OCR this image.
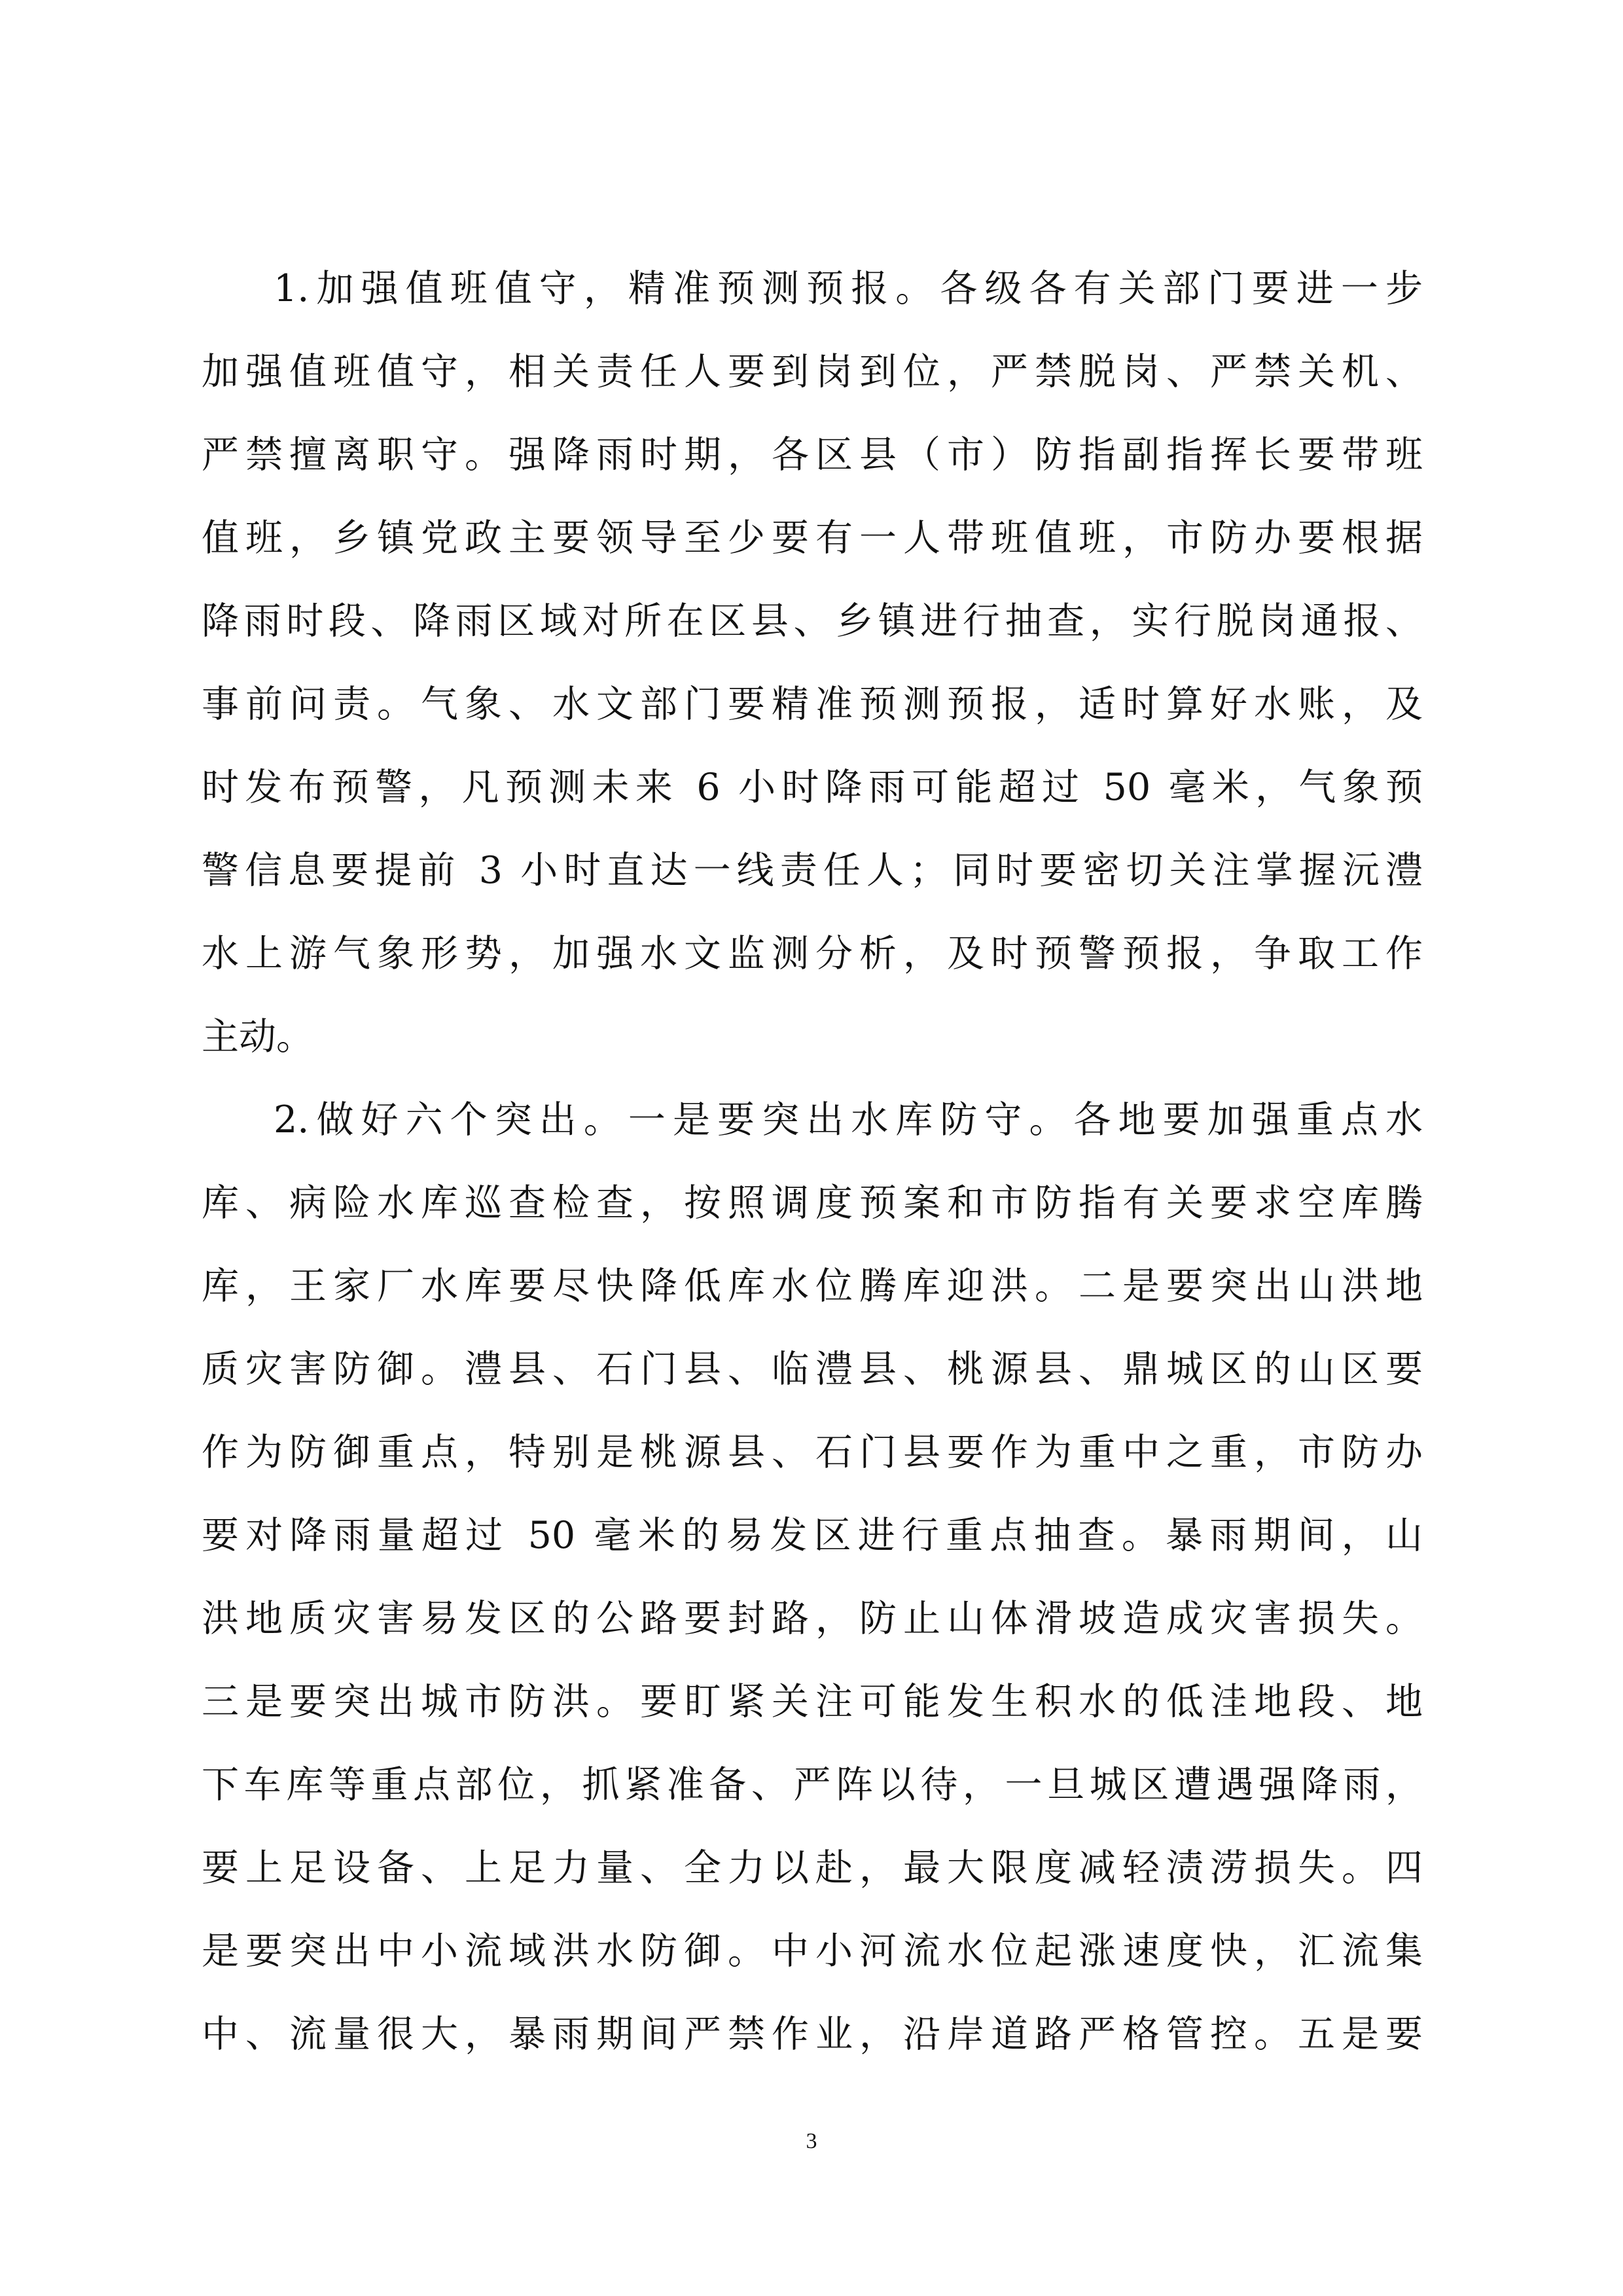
1.加强值班值守，精准预测预报。各级各有关部门要进一步
加强值班值守，相关责任人要到岗到位，严禁脱岗、严禁关机、
严禁擅离职守。强降雨时期，各区县（市）防指副指挥长要带班
值班，乡镇党政主要领导至少要有一人带班值班，市防办要根据
降雨时段、降雨区域对所在区县、乡镇进行抽查，实行脱岗通报、
事前问责。气象、水文部门要精准预测预报，适时算好水账，及
时发布预警，凡预测未来 6 小时降雨可能超过 50 毫米，气象预
警信息要提前 3 小时直达一线责任人；同时要密切关注掌握沅澧
水上游气象形势，加强水文监测分析，及时预警预报，争取工作
主动。
2.做好六个突出。一是要突出水库防守。各地要加强重点水
库、病险水库巡查检查，按照调度预案和市防指有关要求空库腾
库，王家厂水库要尽快降低库水位腾库迎洪。二是要突出山洪地
质灾害防御。澧县、石门县、临澧县、桃源县、鼎城区的山区要
作为防御重点，特别是桃源县、石门县要作为重中之重，市防办
要对降雨量超过 50 毫米的易发区进行重点抽查。暴雨期间，山
洪地质灾害易发区的公路要封路，防止山体滑坡造成灾害损失。
三是要突出城市防洪。要盯紧关注可能发生积水的低洼地段、地
下车库等重点部位，抓紧准备、严阵以待，一旦城区遭遇强降雨，
要上足设备、上足力量、全力以赴，最大限度减轻渍涝损失。四
是要突出中小流域洪水防御。中小河流水位起涨速度快，汇流集
中、流量很大，暴雨期间严禁作业，沿岸道路严格管控。五是要
3
